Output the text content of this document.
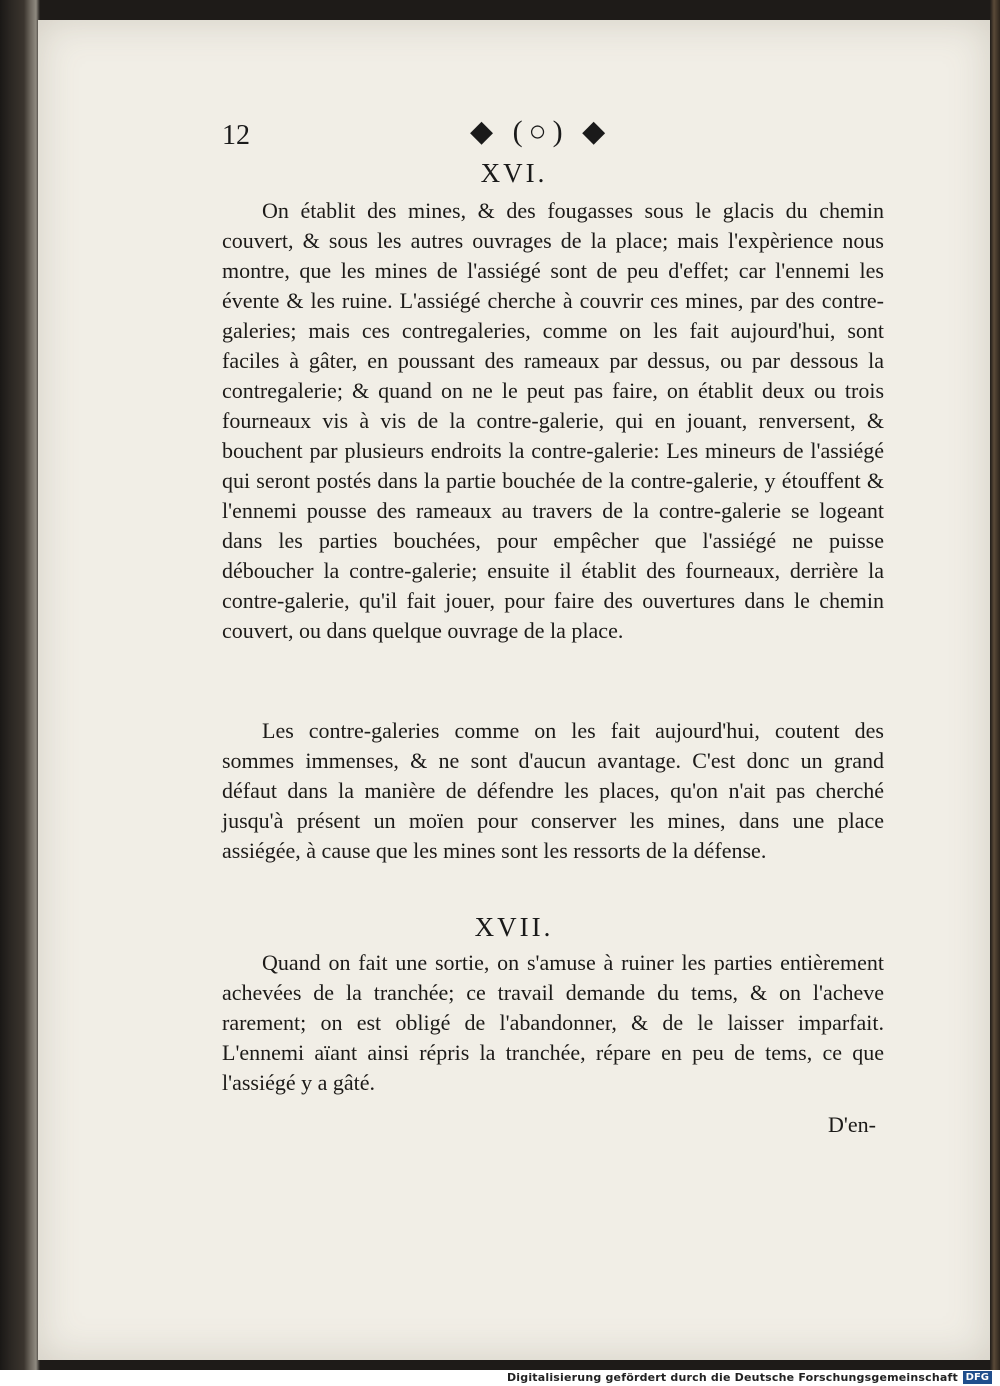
12	◆ (○) ◆
XVI.

On établit des mines, & des fougasses sous le glacis du chemin couvert, & sous les autres ouvrages de la place; mais l'expèrience nous montre, que les mines de l'assiégé sont de peu d'effet; car l'ennemi les évente & les ruine. L'assiégé cherche à couvrir ces mines, par des contre-galeries; mais ces contregaleries, comme on les fait aujourd'hui, sont faciles à gâter, en poussant des rameaux par dessus, ou par dessous la contregalerie; & quand on ne le peut pas faire, on établit deux ou trois fourneaux vis à vis de la contre-galerie, qui en jouant, renversent, & bouchent par plusieurs endroits la contre-galerie: Les mineurs de l'assiégé qui seront postés dans la partie bouchée de la contre-galerie, y étouffent & l'ennemi pousse des rameaux au travers de la contre-galerie se logeant dans les parties bouchées, pour empêcher que l'assiégé ne puisse déboucher la contre-galerie; ensuite il établit des fourneaux, derrière la contre-galerie, qu'il fait jouer, pour faire des ouvertures dans le chemin couvert, ou dans quelque ouvrage de la place.

Les contre-galeries comme on les fait aujourd'hui, coutent des sommes immenses, & ne sont d'aucun avantage. C'est donc un grand défaut dans la manière de défendre les places, qu'on n'ait pas cherché jusqu'à présent un moïen pour conserver les mines, dans une place assiégée, à cause que les mines sont les ressorts de la défense.

XVII.

Quand on fait une sortie, on s'amuse à ruiner les parties entièrement achevées de la tranchée; ce travail demande du tems, & on l'acheve rarement; on est obligé de l'abandonner, & de le laisser imparfait. L'ennemi aïant ainsi répris la tranchée, répare en peu de tems, ce que l'assiégé y a gâté.

D'en-
Digitalisierung gefördert durch die Deutsche Forschungsgemeinschaft DFG
